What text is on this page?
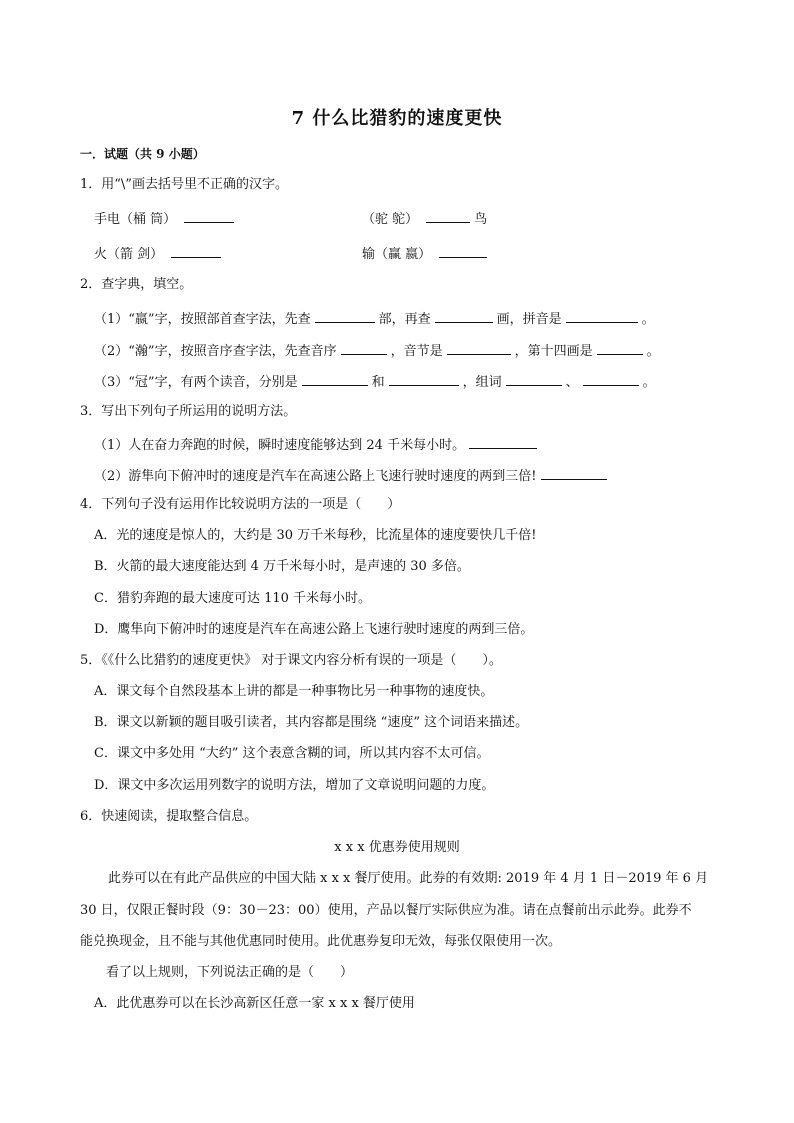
7 什么比猎豹的速度更快
一．试题（共 9 小题）
1．用“\”画去括号里不正确的汉字。
手电（桶 筒）	（驼 鸵）	鸟
火（箭 剑）	输（赢 嬴）
2．查字典，填空。
（1）“嬴”字，按照部首查字法，先查	部，再查	画，拼音是	。
（2）“瀚”字，按照音序查字法，先查音序	，音节是	，第十四画是	。
（3）“冠”字，有两个读音，分别是	和	，组词	、	。
3．写出下列句子所运用的说明方法。
（1）人在奋力奔跑的时候，瞬时速度能够达到 24 千米每小时。
（2）游隼向下俯冲时的速度是汽车在高速公路上飞速行驶时速度的两到三倍!
4．下列句子没有运用作比较说明方法的一项是（　　）
A．光的速度是惊人的，大约是 30 万千米每秒，比流星体的速度要快几千倍!
B．火箭的最大速度能达到 4 万千米每小时，是声速的 30 多倍。
C．猎豹奔跑的最大速度可达 110 千米每小时。
D．鹰隼向下俯冲时的速度是汽车在高速公路上飞速行驶时速度的两到三倍。
5．《《什么比猎豹的速度更快》 对于课文内容分析有误的一项是（　　）。
A．课文每个自然段基本上讲的都是一种事物比另一种事物的速度快。
B．课文以新颖的题目吸引读者，其内容都是围绕 “速度” 这个词语来描述。
C．课文中多处用 “大约” 这个表意含糊的词，所以其内容不太可信。
D．课文中多次运用列数字的说明方法，增加了文章说明问题的力度。
6．快速阅读，提取整合信息。
x x x 优惠券使用规则
此券可以在有此产品供应的中国大陆 x x x 餐厅使用。此券的有效期: 2019 年 4 月 1 日－2019 年 6 月
30 日，仅限正餐时段（9：30－23：00）使用，产品以餐厅实际供应为准。请在点餐前出示此券。此券不
能兑换现金，且不能与其他优惠同时使用。此优惠券复印无效，每张仅限使用一次。
看了以上规则，下列说法正确的是（　　）
A．此优惠券可以在长沙高新区任意一家 x x x 餐厅使用
